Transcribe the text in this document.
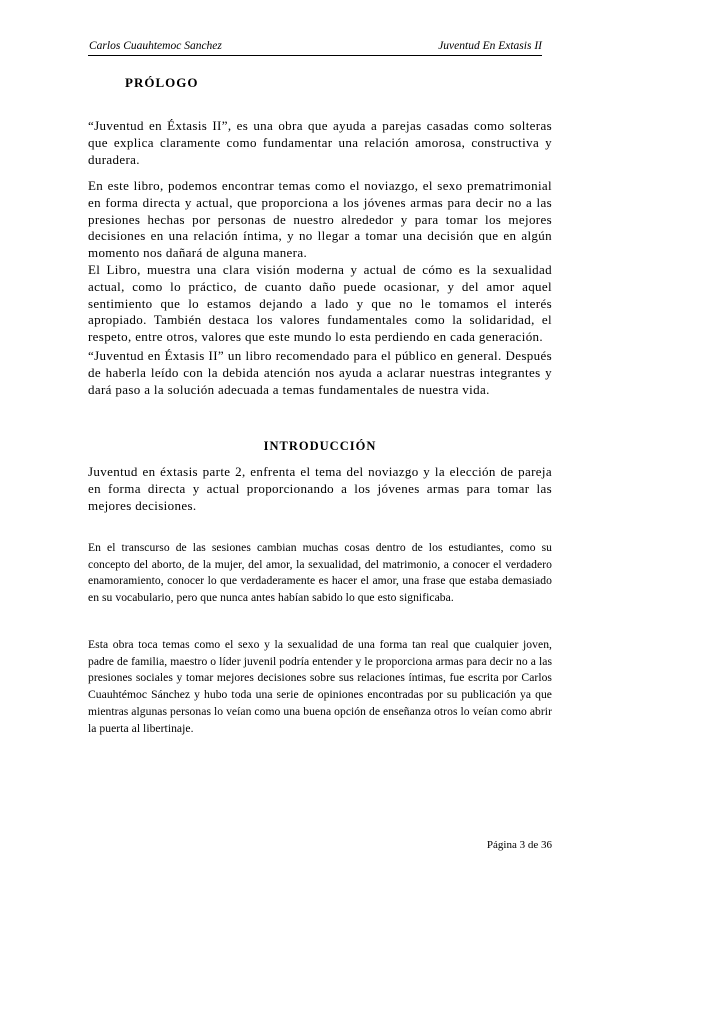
Carlos Cuauhtemoc Sanchez	Juventud En Extasis II
PRÓLOGO

“Juventud en Éxtasis II”, es una obra que ayuda a parejas casadas como solteras que explica claramente como fundamentar una relación amorosa, constructiva y duradera.

En este libro, podemos encontrar temas como el noviazgo, el sexo prematrimonial en forma directa y actual, que proporciona a los jóvenes armas para decir no a las presiones hechas por personas de nuestro alrededor y para tomar los mejores decisiones en una relación íntima, y no llegar a tomar una decisión que en algún momento nos dañará de alguna manera.

El Libro, muestra una clara visión moderna y actual de cómo es la sexualidad actual, como lo práctico, de cuanto daño puede ocasionar, y del amor aquel sentimiento que lo estamos dejando a lado y que no le tomamos el interés apropiado. También destaca los valores fundamentales como la solidaridad, el respeto, entre otros, valores que este mundo lo esta perdiendo en cada generación.

“Juventud en Éxtasis II” un libro recomendado para el público en general. Después de haberla leído con la debida atención nos ayuda a aclarar nuestras integrantes y dará paso a la solución adecuada a temas fundamentales de nuestra vida.

INTRODUCCIÓN

Juventud en éxtasis parte 2, enfrenta el tema del noviazgo y la elección de pareja en forma directa y actual proporcionando a los jóvenes armas para tomar las mejores decisiones.

En el transcurso de las sesiones cambian muchas cosas dentro de los estudiantes, como su concepto del aborto, de la mujer, del amor, la sexualidad, del matrimonio, a conocer el verdadero enamoramiento, conocer lo que verdaderamente es hacer el amor, una frase que estaba demasiado en su vocabulario, pero que nunca antes habían sabido lo que esto significaba.

Esta obra toca temas como el sexo y la sexualidad de una forma tan real que cualquier joven, padre de familia, maestro o líder juvenil podría entender y le proporciona armas para decir no a las presiones sociales y tomar mejores decisiones sobre sus relaciones íntimas, fue escrita por Carlos Cuauhtémoc Sánchez y hubo toda una serie de opiniones encontradas por su publicación ya que mientras algunas personas lo veían como una buena opción de enseñanza otros lo veían como abrir la puerta al libertinaje.

Página 3 de 36
